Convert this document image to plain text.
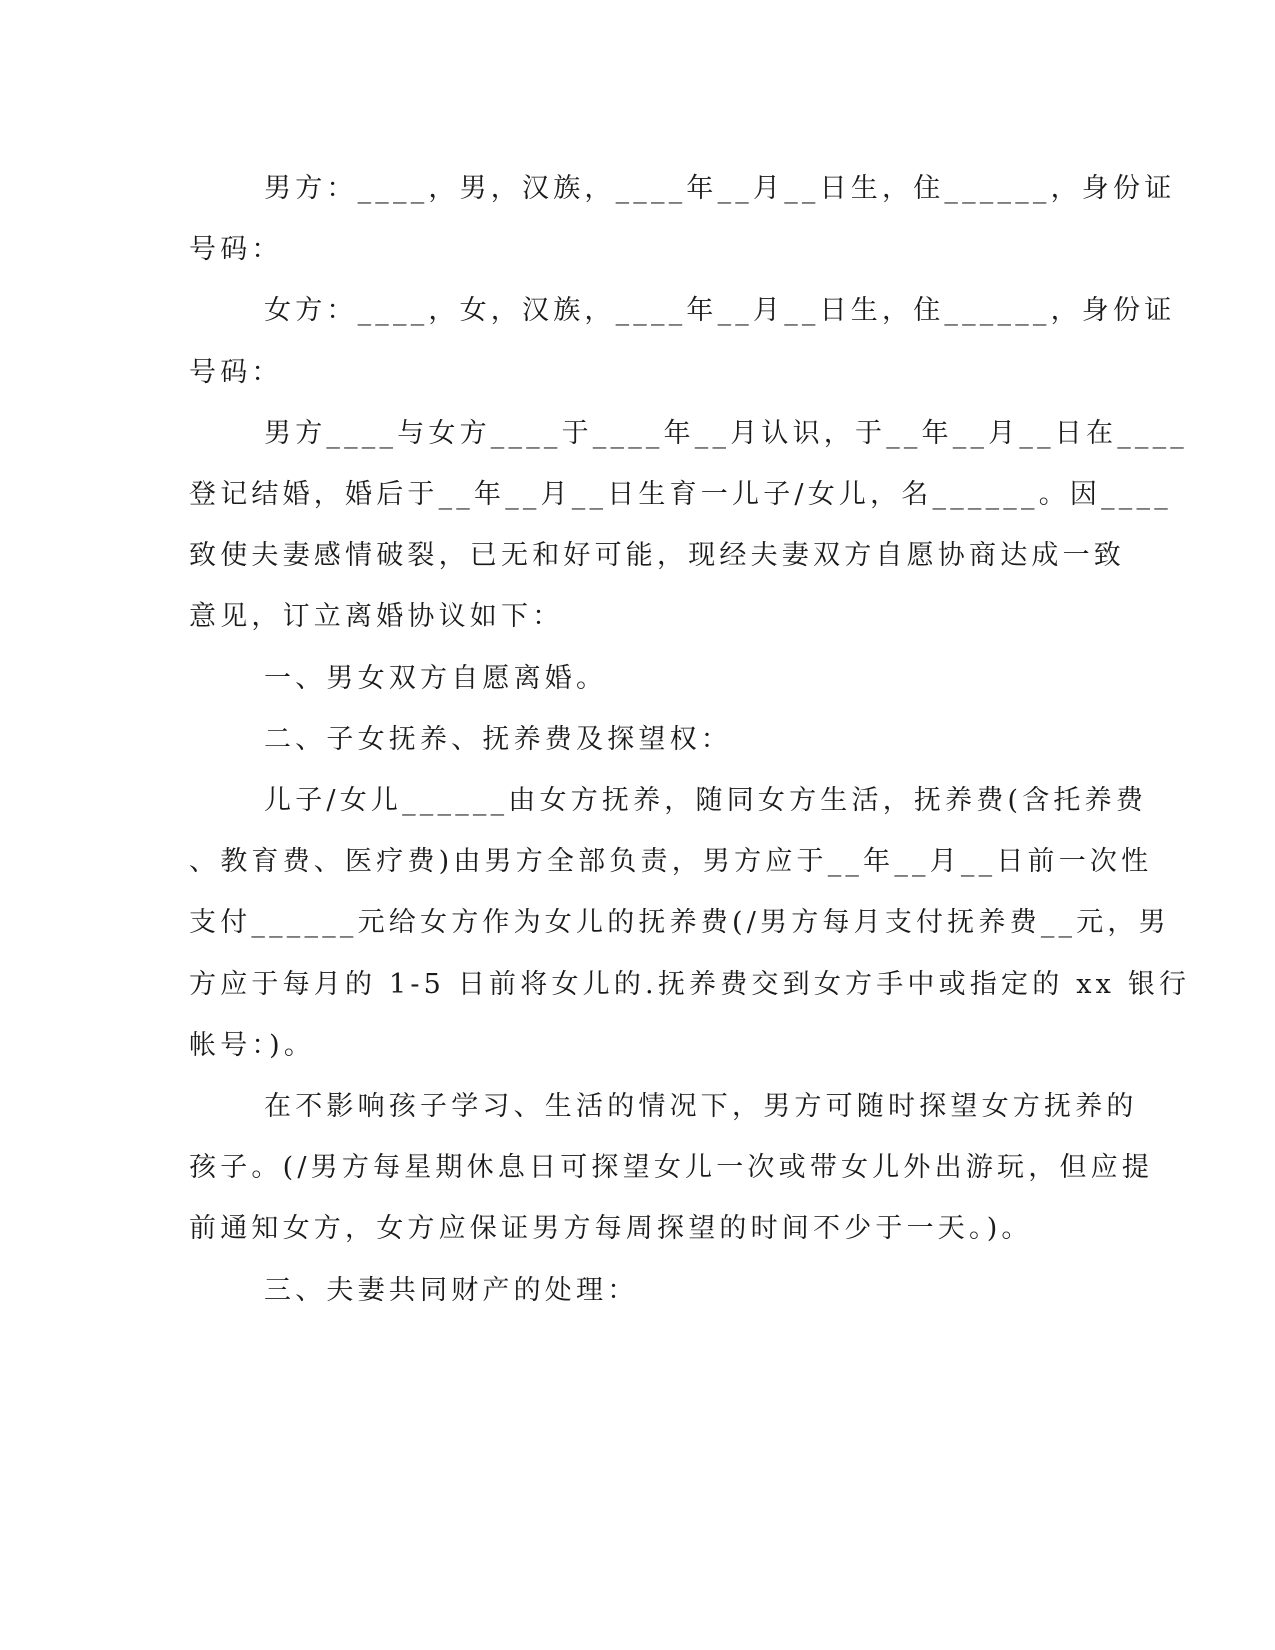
男方：____，男，汉族，____年__月__日生，住______，身份证
号码：
女方：____，女，汉族，____年__月__日生，住______，身份证
号码：
男方____与女方____于____年__月认识，于__年__月__日在____
登记结婚，婚后于__年__月__日生育一儿子/女儿，名______。因____
致使夫妻感情破裂，已无和好可能，现经夫妻双方自愿协商达成一致
意见，订立离婚协议如下：
一、男女双方自愿离婚。
二、子女抚养、抚养费及探望权：
儿子/女儿______由女方抚养，随同女方生活，抚养费(含托养费
、教育费、医疗费)由男方全部负责，男方应于__年__月__日前一次性
支付______元给女方作为女儿的抚养费(/男方每月支付抚养费__元，男
方应于每月的 1-5 日前将女儿的.抚养费交到女方手中或指定的 xx 银行
帐号：)。
在不影响孩子学习、生活的情况下，男方可随时探望女方抚养的
孩子。(/男方每星期休息日可探望女儿一次或带女儿外出游玩，但应提
前通知女方，女方应保证男方每周探望的时间不少于一天。)。
三、夫妻共同财产的处理：
